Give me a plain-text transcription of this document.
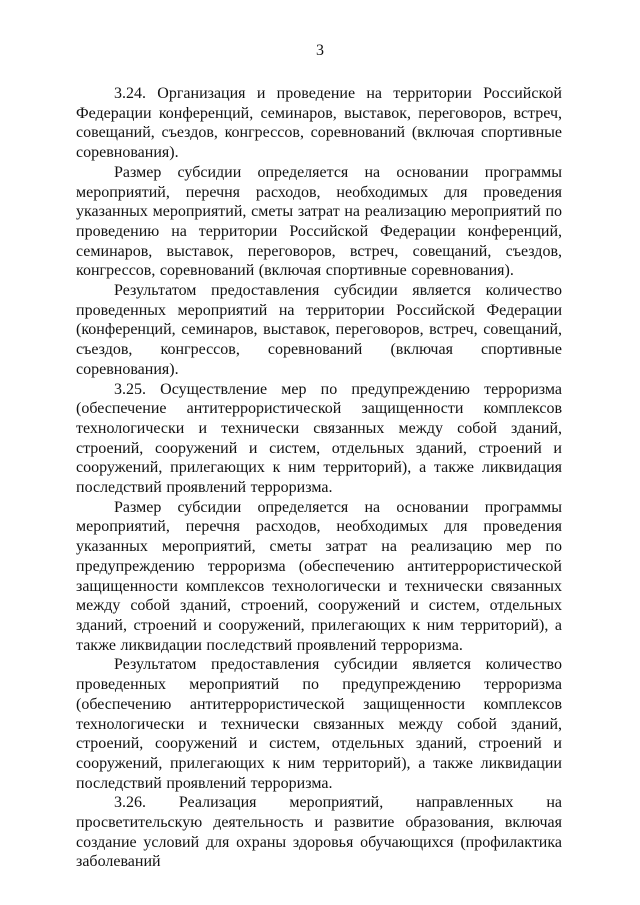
3

3.24. Организация и проведение на территории Российской Федерации конференций, семинаров, выставок, переговоров, встреч, совещаний, съездов, конгрессов, соревнований (включая спортивные соревнования).

Размер субсидии определяется на основании программы мероприятий, перечня расходов, необходимых для проведения указанных мероприятий, сметы затрат на реализацию мероприятий по проведению на территории Российской Федерации конференций, семинаров, выставок, переговоров, встреч, совещаний, съездов, конгрессов, соревнований (включая спортивные соревнования).

Результатом предоставления субсидии является количество проведенных мероприятий на территории Российской Федерации (конференций, семинаров, выставок, переговоров, встреч, совещаний, съездов, конгрессов, соревнований (включая спортивные соревнования).

3.25. Осуществление мер по предупреждению терроризма (обеспечение антитеррористической защищенности комплексов технологически и технически связанных между собой зданий, строений, сооружений и систем, отдельных зданий, строений и сооружений, прилегающих к ним территорий), а также ликвидация последствий проявлений терроризма.

Размер субсидии определяется на основании программы мероприятий, перечня расходов, необходимых для проведения указанных мероприятий, сметы затрат на реализацию мер по предупреждению терроризма (обеспечению антитеррористической защищенности комплексов технологически и технически связанных между собой зданий, строений, сооружений и систем, отдельных зданий, строений и сооружений, прилегающих к ним территорий), а также ликвидации последствий проявлений терроризма.

Результатом предоставления субсидии является количество проведенных мероприятий по предупреждению терроризма (обеспечению антитеррористической защищенности комплексов технологически и технически связанных между собой зданий, строений, сооружений и систем, отдельных зданий, строений и сооружений, прилегающих к ним территорий), а также ликвидации последствий проявлений терроризма.

3.26. Реализация мероприятий, направленных на просветительскую деятельность и развитие образования, включая создание условий для охраны здоровья обучающихся (профилактика заболеваний
